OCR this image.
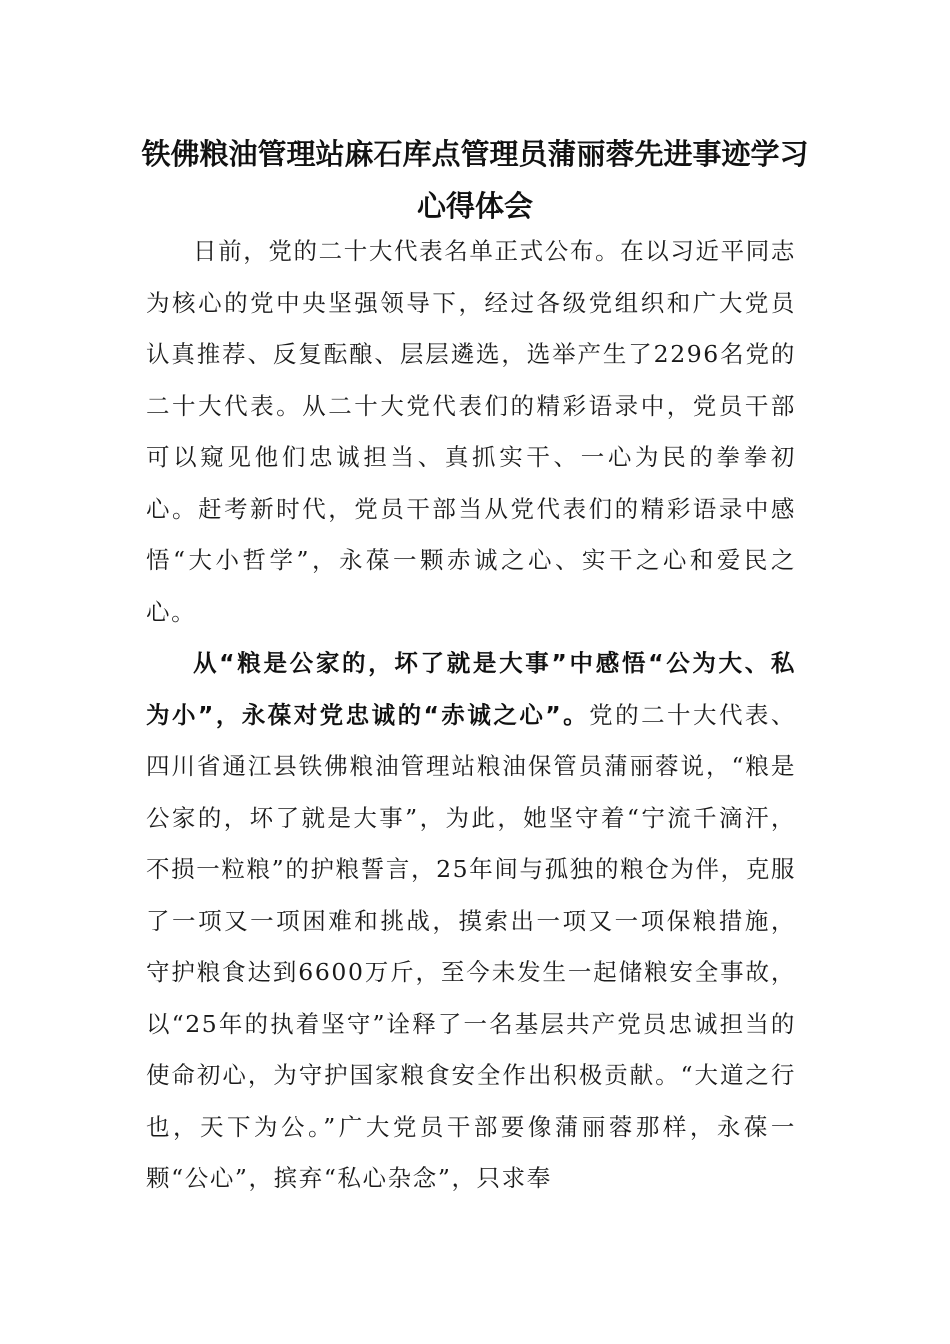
铁佛粮油管理站麻石库点管理员蒲丽蓉先进事迹学习心得体会

日前，党的二十大代表名单正式公布。在以习近平同志为核心的党中央坚强领导下，经过各级党组织和广大党员认真推荐、反复酝酿、层层遴选，选举产生了2296名党的二十大代表。从二十大党代表们的精彩语录中，党员干部可以窥见他们忠诚担当、真抓实干、一心为民的拳拳初心。赶考新时代，党员干部当从党代表们的精彩语录中感悟“大小哲学”，永葆一颗赤诚之心、实干之心和爱民之心。

从“粮是公家的，坏了就是大事”中感悟“公为大、私为小”，永葆对党忠诚的“赤诚之心”。党的二十大代表、四川省通江县铁佛粮油管理站粮油保管员蒲丽蓉说，“粮是公家的，坏了就是大事”，为此，她坚守着“宁流千滴汗，不损一粒粮”的护粮誓言，25年间与孤独的粮仓为伴，克服了一项又一项困难和挑战，摸索出一项又一项保粮措施，守护粮食达到6600万斤，至今未发生一起储粮安全事故，以“25年的执着坚守”诠释了一名基层共产党员忠诚担当的使命初心，为守护国家粮食安全作出积极贡献。“大道之行也，天下为公。”广大党员干部要像蒲丽蓉那样，永葆一颗“公心”，摈弃“私心杂念”，只求奉
